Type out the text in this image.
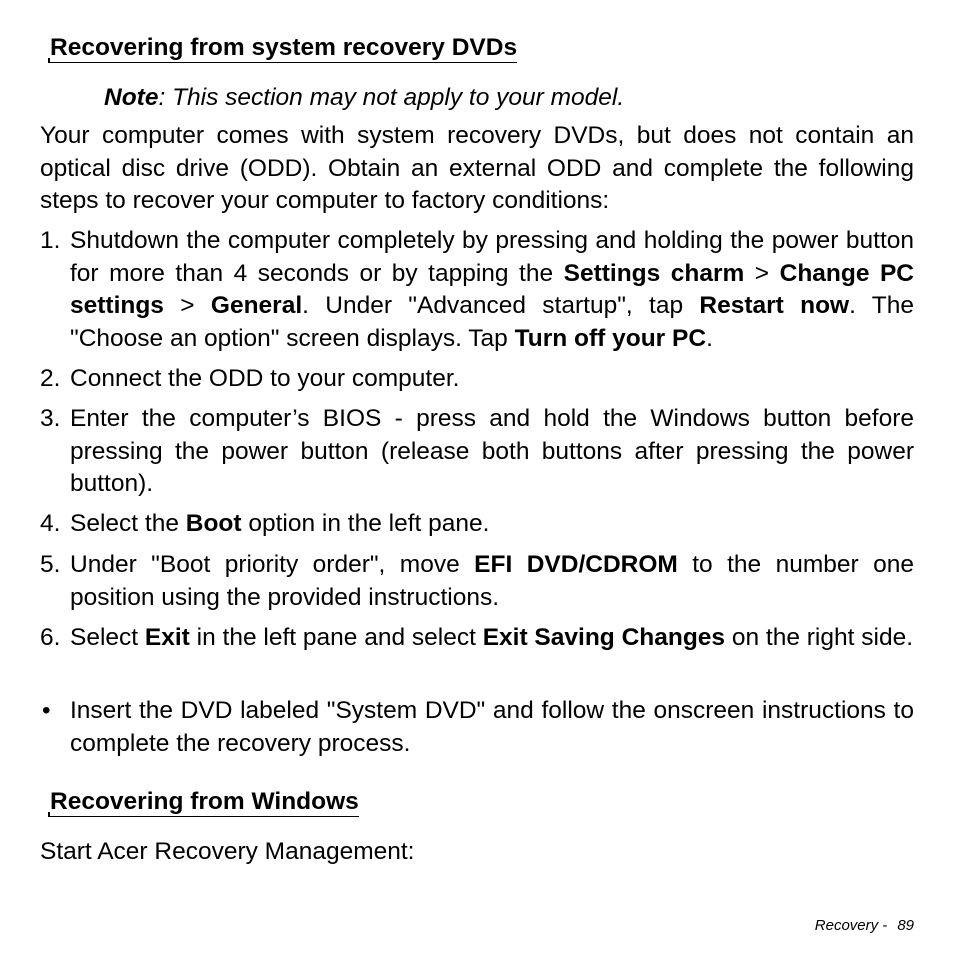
Recovering from system recovery DVDs
Note: This section may not apply to your model.

Your computer comes with system recovery DVDs, but does not contain an optical disc drive (ODD). Obtain an external ODD and complete the following steps to recover your computer to factory conditions:

1. Shutdown the computer completely by pressing and holding the power button for more than 4 seconds or by tapping the Settings charm > Change PC settings > General. Under "Advanced startup", tap Restart now. The "Choose an option" screen displays. Tap Turn off your PC.
2. Connect the ODD to your computer.
3. Enter the computer’s BIOS - press and hold the Windows button before pressing the power button (release both buttons after pressing the power button).
4. Select the Boot option in the left pane.
5. Under "Boot priority order", move EFI DVD/CDROM to the number one position using the provided instructions.
6. Select Exit in the left pane and select Exit Saving Changes on the right side.
• Insert the DVD labeled "System DVD" and follow the onscreen instructions to complete the recovery process.
Recovering from Windows

Start Acer Recovery Management:

Recovery - 89
